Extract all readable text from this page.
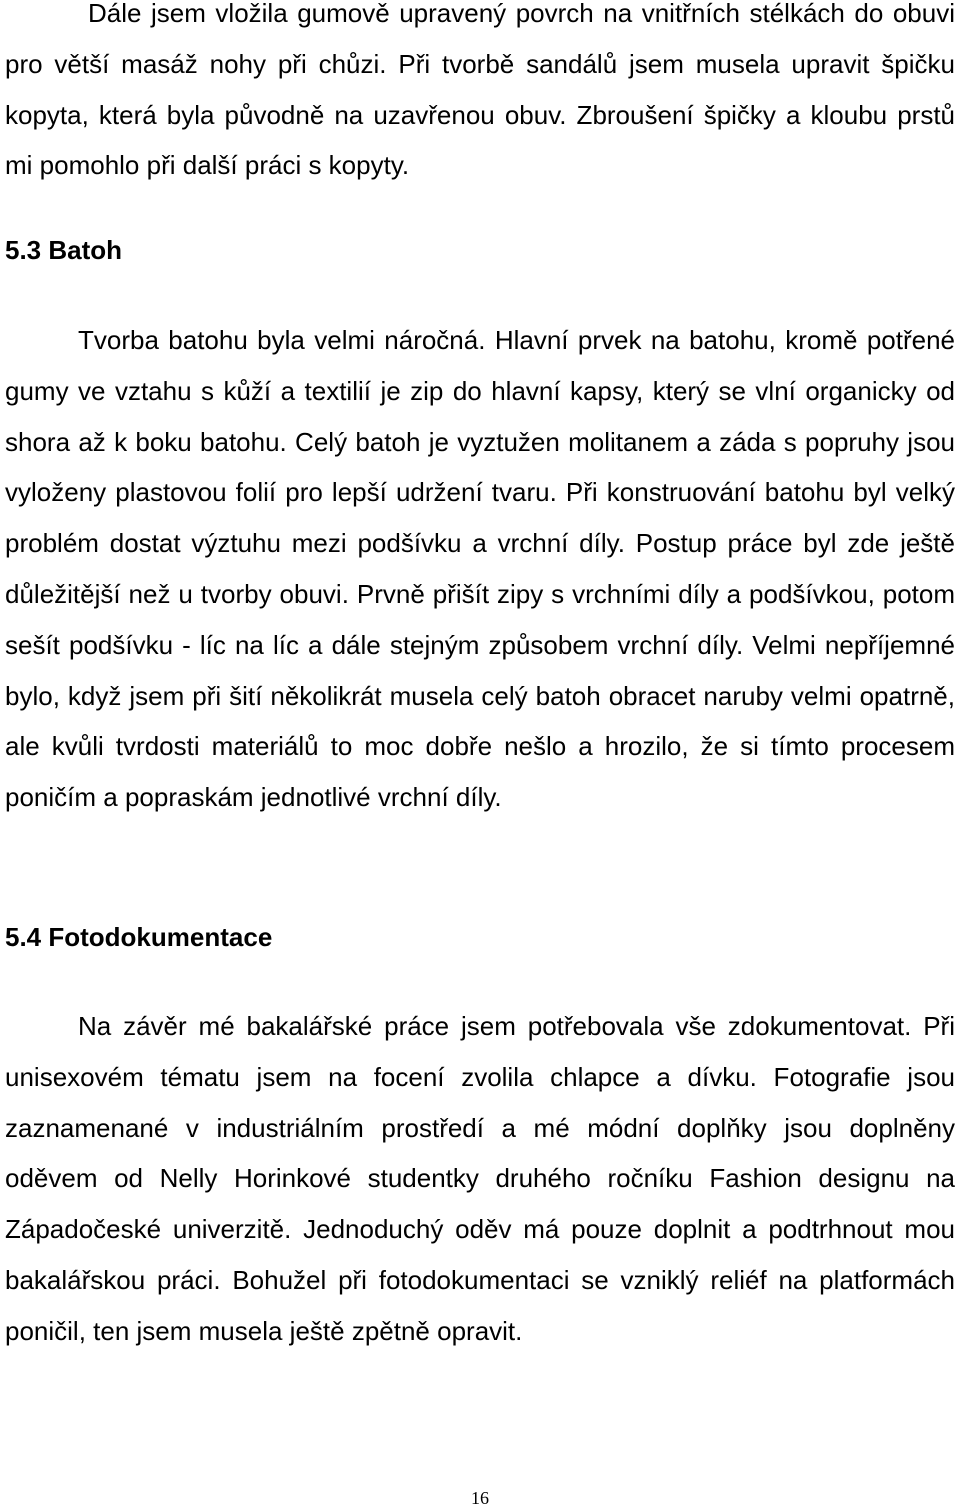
Dále jsem vložila gumově upravený povrch na vnitřních stélkách do obuvi pro větší masáž nohy při chůzi. Při tvorbě sandálů jsem musela upravit špičku kopyta, která byla původně na uzavřenou obuv. Zbroušení špičky a kloubu prstů mi pomohlo při další práci s kopyty.

5.3 Batoh

Tvorba batohu byla velmi náročná. Hlavní prvek na batohu, kromě potřené gumy ve vztahu s kůží a textilií je zip do hlavní kapsy, který se vlní organicky od shora až k boku batohu. Celý batoh je vyztužen molitanem a záda s popruhy jsou vyloženy plastovou folií pro lepší udržení tvaru. Při konstruování batohu byl velký problém dostat výztuhu mezi podšívku a vrchní díly. Postup práce byl zde ještě důležitější než u tvorby obuvi. Prvně přišít zipy s vrchními díly a podšívkou, potom sešít podšívku - líc na líc a dále stejným způsobem vrchní díly. Velmi nepříjemné bylo, když jsem při šití několikrát musela celý batoh obracet naruby velmi opatrně, ale kvůli tvrdosti materiálů to moc dobře nešlo a hrozilo, že si tímto procesem poničím a popraskám jednotlivé vrchní díly.

5.4 Fotodokumentace

Na závěr mé bakalářské práce jsem potřebovala vše zdokumentovat. Při unisexovém tématu jsem na focení zvolila chlapce a dívku. Fotografie jsou zaznamenané v industriálním prostředí a mé módní doplňky jsou doplněny oděvem od Nelly Horinkové studentky druhého ročníku Fashion designu na Západočeské univerzitě. Jednoduchý oděv má pouze doplnit a podtrhnout mou bakalářskou práci. Bohužel při fotodokumentaci se vzniklý reliéf na platformách poničil, ten jsem musela ještě zpětně opravit.

16
